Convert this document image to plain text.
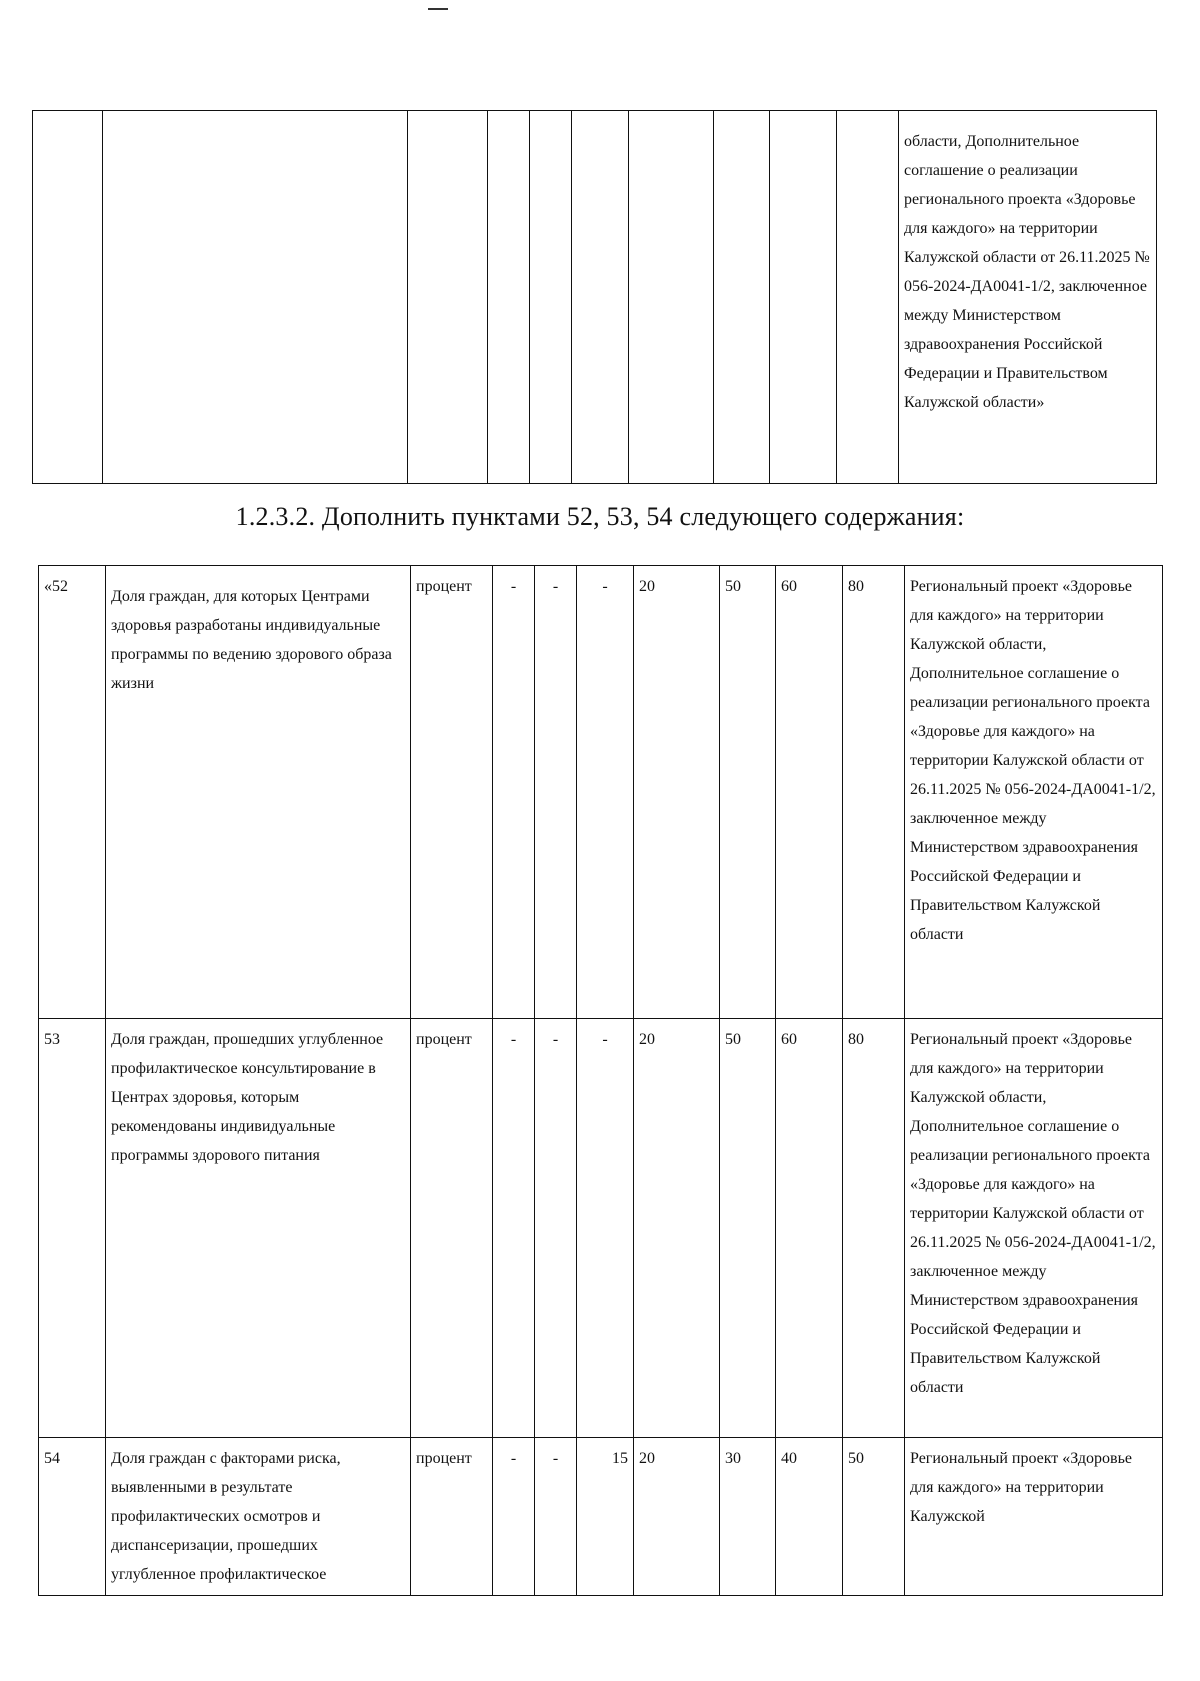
										области, Дополнительное соглашение о реализации регионального проекта «Здоровье для каждого» на территории Калужской области от 26.11.2025 № 056-2024-ДА0041-1/2, заключенное между Министерством здравоохранения Российской Федерации и Правительством Калужской области»
1.2.3.2. Дополнить пунктами 52, 53, 54 следующего содержания:
«52	Доля граждан, для которых Центрами здоровья разработаны индивидуальные программы по ведению здорового образа жизни	процент	-	-	-	20	50	60	80	Региональный проект «Здоровье для каждого» на территории Калужской области, Дополнительное соглашение о реализации регионального проекта «Здоровье для каждого» на территории Калужской области от 26.11.2025 № 056-2024-ДА0041-1/2, заключенное между Министерством здравоохранения Российской Федерации и Правительством Калужской области
53	Доля граждан, прошедших углубленное профилактическое консультирование в Центрах здоровья, которым рекомендованы индивидуальные программы здорового питания	процент	-	-	-	20	50	60	80	Региональный проект «Здоровье для каждого» на территории Калужской области, Дополнительное соглашение о реализации регионального проекта «Здоровье для каждого» на территории Калужской области от 26.11.2025 № 056-2024-ДА0041-1/2, заключенное между Министерством здравоохранения Российской Федерации и Правительством Калужской области
54	Доля граждан с факторами риска, выявленными в результате профилактических осмотров и диспансеризации, прошедших углубленное профилактическое	процент	-	-	15	20	30	40	50	Региональный проект «Здоровье для каждого» на территории Калужской
